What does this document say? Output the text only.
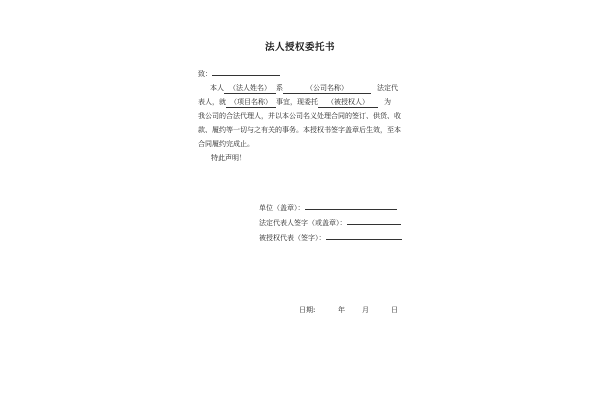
法人授权委托书
致：
本人 （法人姓名） 系	（公司名称）	法定代
表人，就 （项目名称） 事宜，现委托 （被授权人） 为
我公司的合法代理人，并以本公司名义处理合同的签订、供货、收
款、履约等一切与之有关的事务。本授权书签字盖章后生效，至本
合同履约完成止。
特此声明！
单位（盖章）：
法定代表人签字（或盖章）：
被授权代表（签字）：
日期:	年 月	日
